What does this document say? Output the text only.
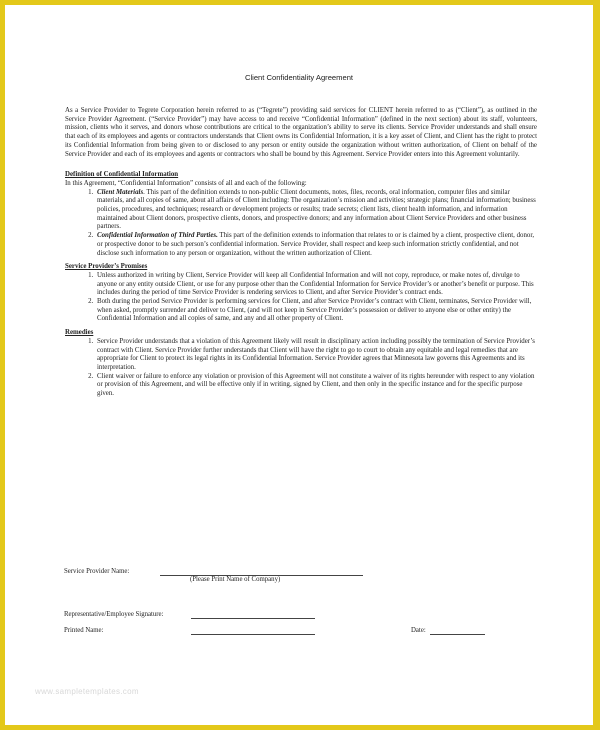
Client Confidentiality Agreement

As a Service Provider to Tegrete Corporation herein referred to as (“Tegrete”) providing said services for CLIENT herein referred to as (“Client”), as outlined in the Service Provider Agreement. (“Service Provider”) may have access to and receive “Confidential Information” (defined in the next section) about its staff, volunteers, mission, clients who it serves, and donors whose contributions are critical to the organization’s ability to serve its clients. Service Provider understands and shall ensure that each of its employees and agents or contractors understands that Client owns its Confidential Information, it is a key asset of Client, and Client has the right to protect its Confidential Information from being given to or disclosed to any person or entity outside the organization without written authorization, of Client on behalf of the Service Provider and each of its employees and agents or contractors who shall be bound by this Agreement. Service Provider enters into this Agreement voluntarily.

Definition of Confidential Information

In this Agreement, “Confidential Information” consists of all and each of the following:

1. Client Materials. This part of the definition extends to non-public Client documents, notes, files, records, oral information, computer files and similar materials, and all copies of same, about all affairs of Client including: The organization’s mission and activities; strategic plans; financial information; business policies, procedures, and techniques; research or development projects or results; trade secrets; client lists, client health information, and information maintained about Client donors, prospective clients, donors, and prospective donors; and any information about Client Service Providers and other business partners.
2. Confidential Information of Third Parties. This part of the definition extends to information that relates to or is claimed by a client, prospective client, donor, or prospective donor to be such person’s confidential information. Service Provider, shall respect and keep such information strictly confidential, and not disclose such information to any person or organization, without the written authorization of Client.

Service Provider’s Promises

1. Unless authorized in writing by Client, Service Provider will keep all Confidential Information and will not copy, reproduce, or make notes of, divulge to anyone or any entity outside Client, or use for any purpose other than the Confidential Information for Service Provider’s or another’s benefit or purpose. This includes during the period of time Service Provider is rendering services to Client, and after Service Provider’s contract ends.
2. Both during the period Service Provider is performing services for Client, and after Service Provider’s contract with Client, terminates, Service Provider will, when asked, promptly surrender and deliver to Client, (and will not keep in Service Provider’s possession or deliver to anyone else or other entity) the Confidential Information and all copies of same, and any and all other property of Client.

Remedies

1. Service Provider understands that a violation of this Agreement likely will result in disciplinary action including possibly the termination of Service Provider’s contract with Client. Service Provider further understands that Client will have the right to go to court to obtain any equitable and legal remedies that are appropriate for Client to protect its legal rights in its Confidential Information. Service Provider agrees that Minnesota law governs this Agreements and its interpretation.
2. Client waiver or failure to enforce any violation or provision of this Agreement will not constitute a waiver of its rights hereunder with respect to any violation or provision of this Agreement, and will be effective only if in writing, signed by Client, and then only in the specific instance and for the specific purpose given.
Service Provider Name:
(Please Print Name of Company)
Representative/Employee Signature:
Printed Name:	Date:
www.sampletemplates.com
